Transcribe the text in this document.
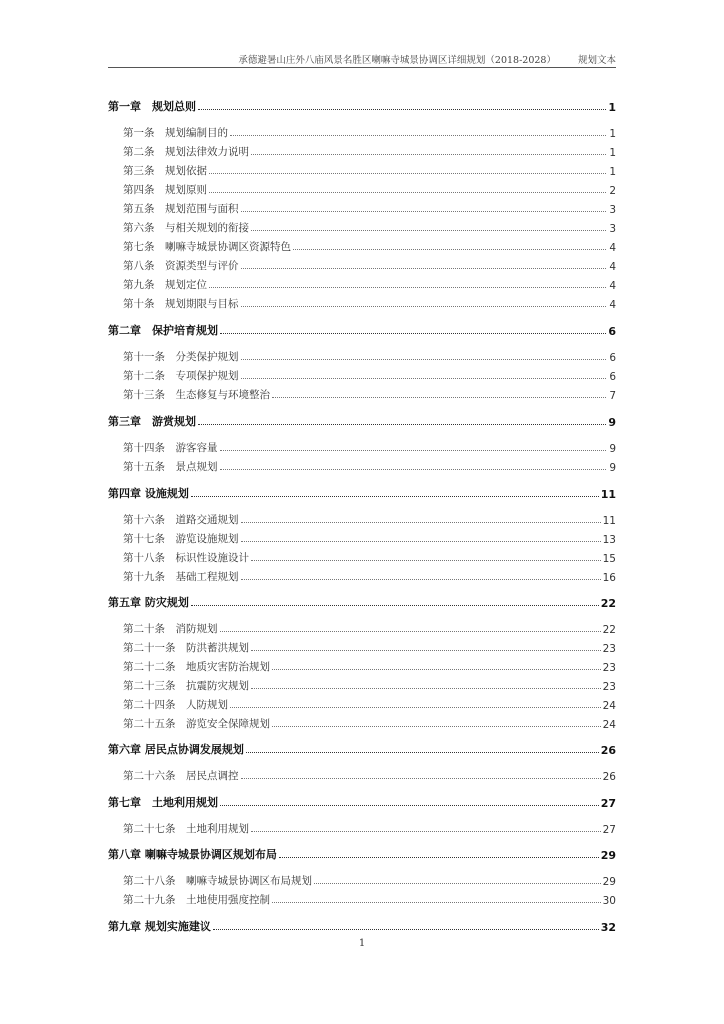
承德避暑山庄外八庙风景名胜区喇嘛寺城景协调区详细规划（2018-2028） 规划文本
第一章　规划总则	1
第一条　规划编制目的	1
第二条　规划法律效力说明	1
第三条　规划依据	1
第四条　规划原则	2
第五条　规划范围与面积	3
第六条　与相关规划的衔接	3
第七条　喇嘛寺城景协调区资源特色	4
第八条　资源类型与评价	4
第九条　规划定位	4
第十条　规划期限与目标	4
第二章　保护培育规划	6
第十一条　分类保护规划	6
第十二条　专项保护规划	6
第十三条　生态修复与环境整治	7
第三章　游赏规划	9
第十四条　游客容量	9
第十五条　景点规划	9
第四章 设施规划	11
第十六条　道路交通规划	11
第十七条　游览设施规划	13
第十八条　标识性设施设计	15
第十九条　基础工程规划	16
第五章 防灾规划	22
第二十条　消防规划	22
第二十一条　防洪蓄洪规划	23
第二十二条　地质灾害防治规划	23
第二十三条　抗震防灾规划	23
第二十四条　人防规划	24
第二十五条　游览安全保障规划	24
第六章 居民点协调发展规划	26
第二十六条　居民点调控	26
第七章　土地利用规划	27
第二十七条　土地利用规划	27
第八章 喇嘛寺城景协调区规划布局	29
第二十八条　喇嘛寺城景协调区布局规划	29
第二十九条　土地使用强度控制	30
第九章 规划实施建议	32
1
